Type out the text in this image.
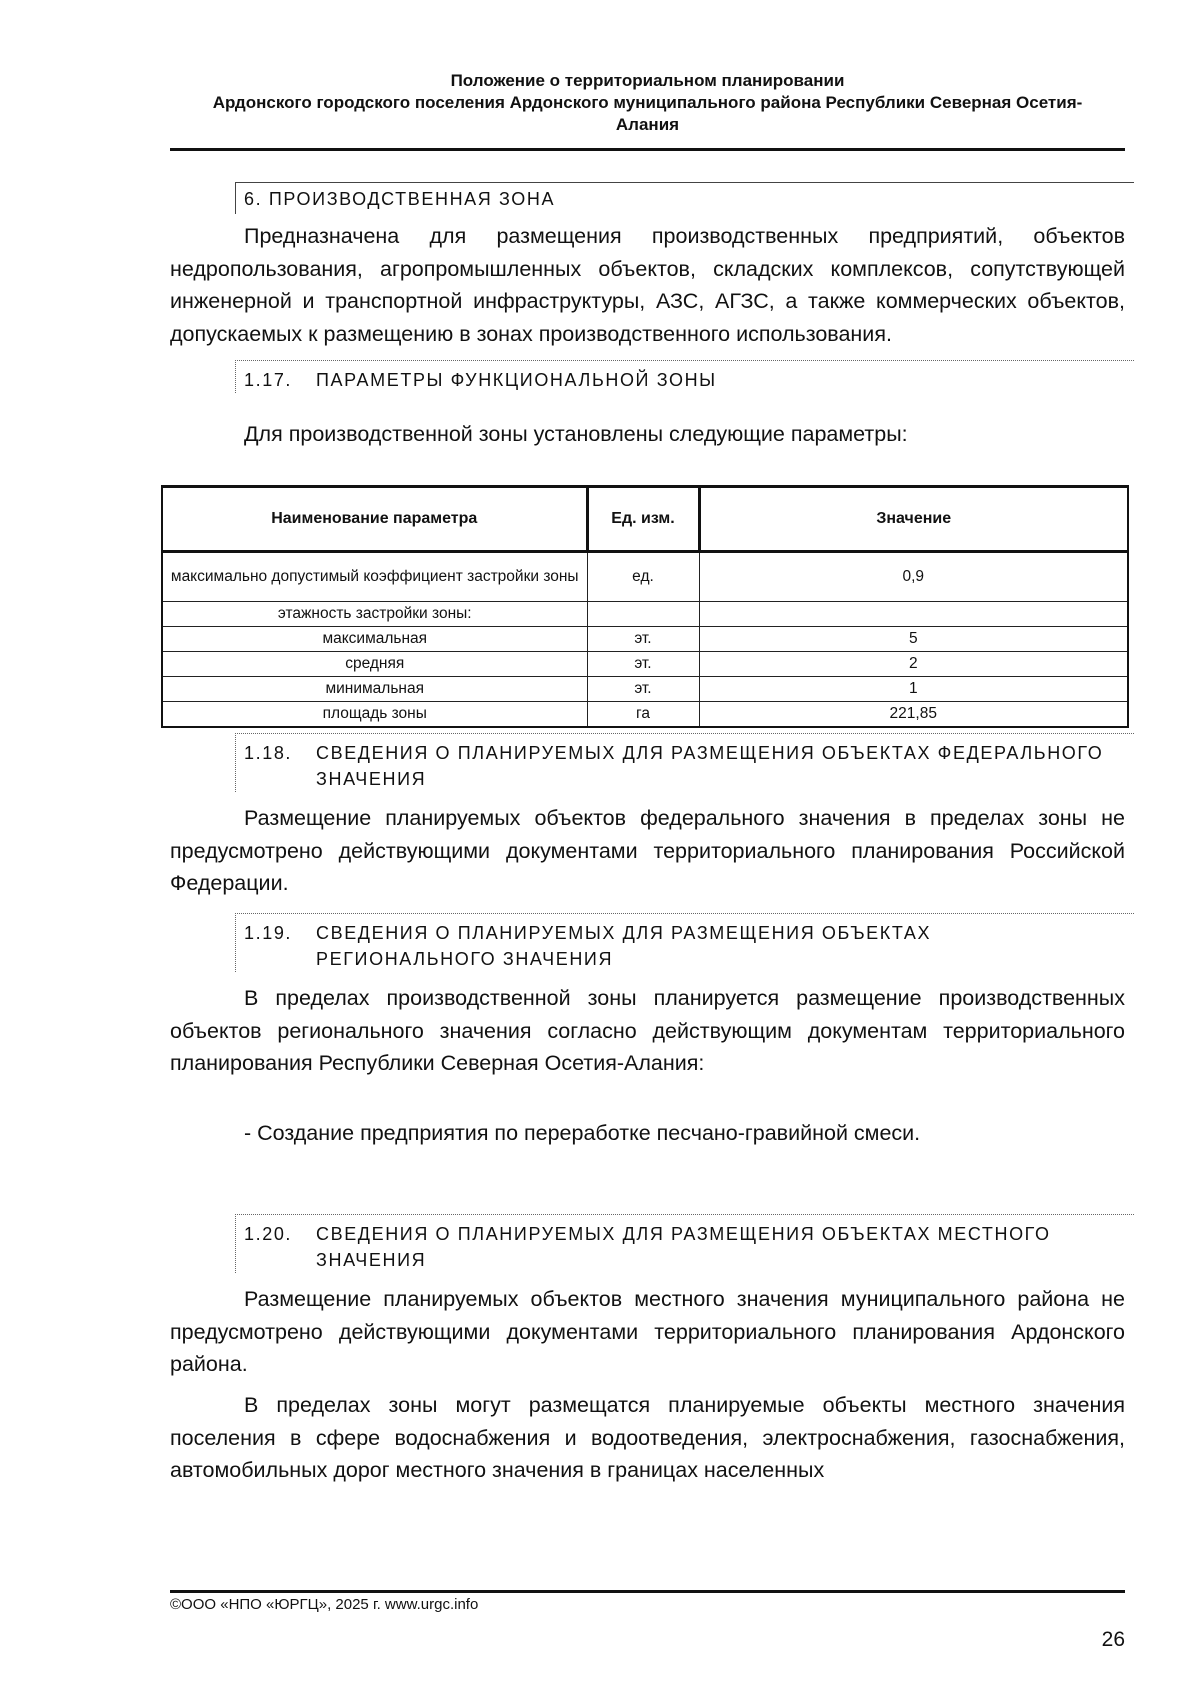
Положение о территориальном планировании
Ардонского городского поселения Ардонского муниципального района Республики Северная Осетия-
Алания
6. ПРОИЗВОДСТВЕННАЯ ЗОНА
Предназначена для размещения производственных предприятий, объектов недропользования, агропромышленных объектов, складских комплексов, сопутствующей инженерной и транспортной инфраструктуры, АЗС, АГЗС, а также коммерческих объектов, допускаемых к размещению в зонах производственного использования.
1.17. ПАРАМЕТРЫ ФУНКЦИОНАЛЬНОЙ ЗОНЫ
Для производственной зоны установлены следующие параметры:
Наименование параметра	Ед. изм.	Значение
максимально допустимый коэффициент застройки зоны	ед.	0,9
этажность застройки зоны:		
максимальная	эт.	5
средняя	эт.	2
минимальная	эт.	1
площадь зоны	га	221,85
1.18. СВЕДЕНИЯ О ПЛАНИРУЕМЫХ ДЛЯ РАЗМЕЩЕНИЯ ОБЪЕКТАХ ФЕДЕРАЛЬНОГО ЗНАЧЕНИЯ
Размещение планируемых объектов федерального значения в пределах зоны не предусмотрено действующими документами территориального планирования Российской Федерации.
1.19. СВЕДЕНИЯ О ПЛАНИРУЕМЫХ ДЛЯ РАЗМЕЩЕНИЯ ОБЪЕКТАХ РЕГИОНАЛЬНОГО ЗНАЧЕНИЯ
В пределах производственной зоны планируется размещение производственных объектов регионального значения согласно действующим документам территориального планирования Республики Северная Осетия-Алания:
- Создание предприятия по переработке песчано-гравийной смеси.
1.20. СВЕДЕНИЯ О ПЛАНИРУЕМЫХ ДЛЯ РАЗМЕЩЕНИЯ ОБЪЕКТАХ МЕСТНОГО ЗНАЧЕНИЯ
Размещение планируемых объектов местного значения муниципального района не предусмотрено действующими документами территориального планирования Ардонского района.
В пределах зоны могут размещатся планируемые объекты местного значения поселения в сфере водоснабжения и водоотведения, электроснабжения, газоснабжения, автомобильных дорог местного значения в границах населенных
©ООО «НПО «ЮРГЦ», 2025 г. www.urgc.info
26
